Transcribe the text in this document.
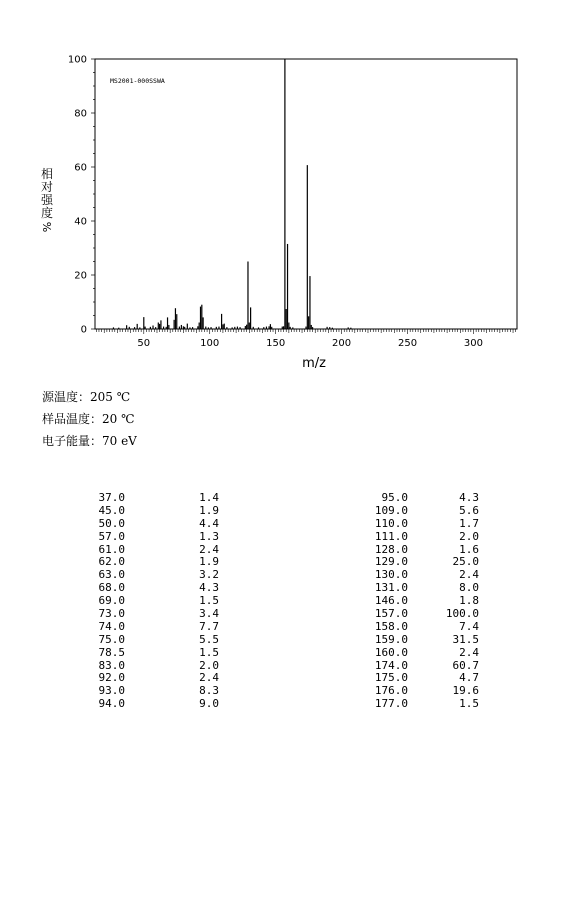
50	100	150	200	250	300
0
20
40
60
80
100
m/z
相
对
强
度
%
MS2001-000SSWA
源温度：205 ℃
样品温度：20 ℃
电子能量：70 eV
37.0	1.4
45.0	1.9
50.0	4.4
57.0	1.3
61.0	2.4
62.0	1.9
63.0	3.2
68.0	4.3
69.0	1.5
73.0	3.4
74.0	7.7
75.0	5.5
78.5	1.5
83.0	2.0
92.0	2.4
93.0	8.3
94.0	9.0
95.0	4.3
109.0	5.6
110.0	1.7
111.0	2.0
128.0	1.6
129.0	25.0
130.0	2.4
131.0	8.0
146.0	1.8
157.0	100.0
158.0	7.4
159.0	31.5
160.0	2.4
174.0	60.7
175.0	4.7
176.0	19.6
177.0	1.5
